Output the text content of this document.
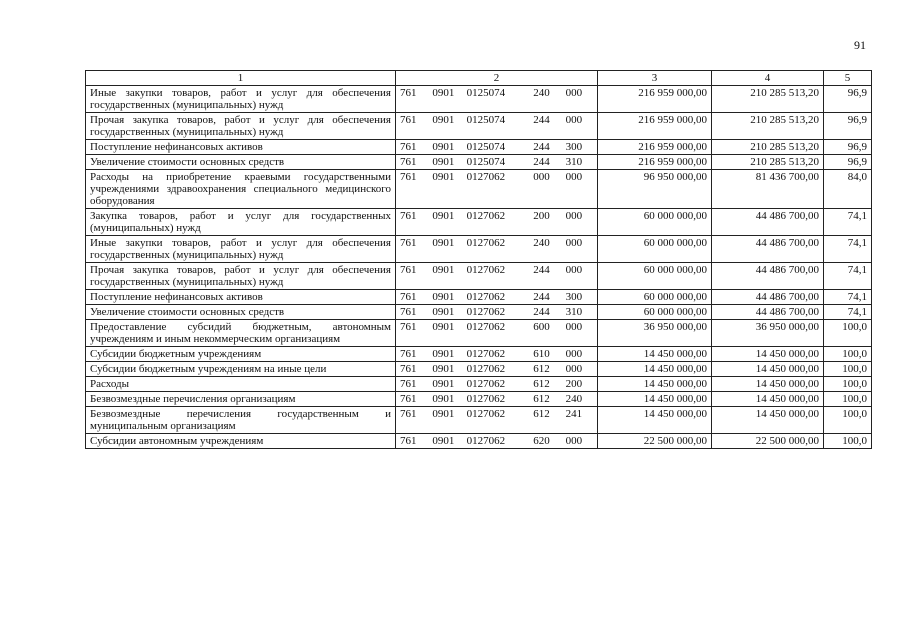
91
1	2	3	4	5
Иные закупки товаров, работ и услуг для обеспечения государственных (муниципальных) нужд	761 0901 0125074 240 000	216 959 000,00	210 285 513,20	96,9
Прочая закупка товаров, работ и услуг для обеспечения государственных (муниципальных) нужд	761 0901 0125074 244 000	216 959 000,00	210 285 513,20	96,9
Поступление нефинансовых активов	761 0901 0125074 244 300	216 959 000,00	210 285 513,20	96,9
Увеличение стоимости основных средств	761 0901 0125074 244 310	216 959 000,00	210 285 513,20	96,9
Расходы на приобретение краевыми государственными учреждениями здравоохранения специального медицинского оборудования	761 0901 0127062 000 000	96 950 000,00	81 436 700,00	84,0
Закупка товаров, работ и услуг для государственных (муниципальных) нужд	761 0901 0127062 200 000	60 000 000,00	44 486 700,00	74,1
Иные закупки товаров, работ и услуг для обеспечения государственных (муниципальных) нужд	761 0901 0127062 240 000	60 000 000,00	44 486 700,00	74,1
Прочая закупка товаров, работ и услуг для обеспечения государственных (муниципальных) нужд	761 0901 0127062 244 000	60 000 000,00	44 486 700,00	74,1
Поступление нефинансовых активов	761 0901 0127062 244 300	60 000 000,00	44 486 700,00	74,1
Увеличение стоимости основных средств	761 0901 0127062 244 310	60 000 000,00	44 486 700,00	74,1
Предоставление субсидий бюджетным, автономным учреждениям и иным некоммерческим организациям	761 0901 0127062 600 000	36 950 000,00	36 950 000,00	100,0
Субсидии бюджетным учреждениям	761 0901 0127062 610 000	14 450 000,00	14 450 000,00	100,0
Субсидии бюджетным учреждениям на иные цели	761 0901 0127062 612 000	14 450 000,00	14 450 000,00	100,0
Расходы	761 0901 0127062 612 200	14 450 000,00	14 450 000,00	100,0
Безвозмездные перечисления организациям	761 0901 0127062 612 240	14 450 000,00	14 450 000,00	100,0
Безвозмездные перечисления государственным и муниципальным организациям	761 0901 0127062 612 241	14 450 000,00	14 450 000,00	100,0
Субсидии автономным учреждениям	761 0901 0127062 620 000	22 500 000,00	22 500 000,00	100,0
